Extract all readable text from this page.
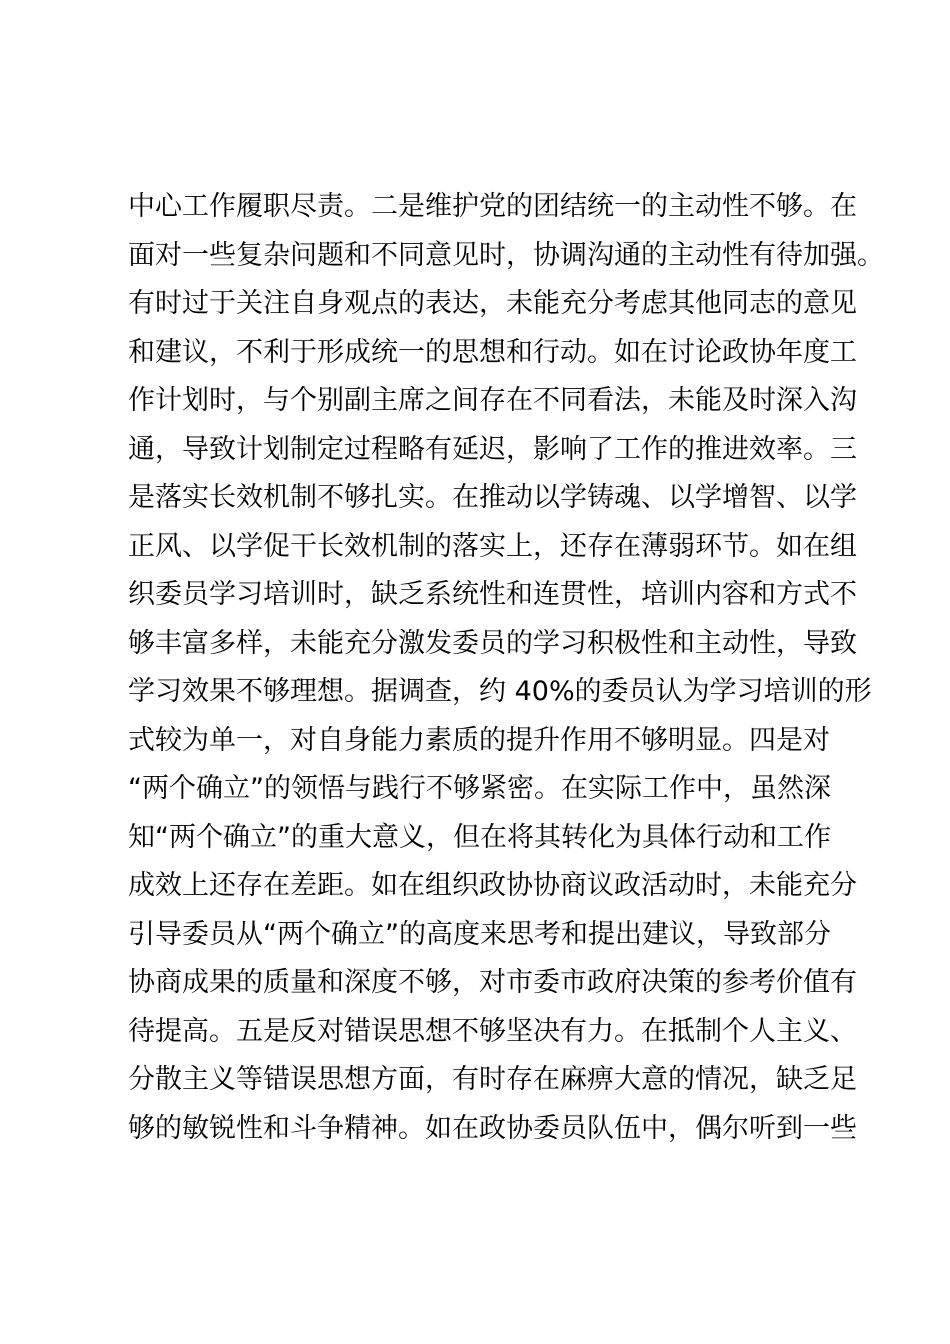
中心工作履职尽责。二是维护党的团结统一的主动性不够。在
面对一些复杂问题和不同意见时，协调沟通的主动性有待加强。
有时过于关注自身观点的表达，未能充分考虑其他同志的意见
和建议，不利于形成统一的思想和行动。如在讨论政协年度工
作计划时，与个别副主席之间存在不同看法，未能及时深入沟
通，导致计划制定过程略有延迟，影响了工作的推进效率。三
是落实长效机制不够扎实。在推动以学铸魂、以学增智、以学
正风、以学促干长效机制的落实上，还存在薄弱环节。如在组
织委员学习培训时，缺乏系统性和连贯性，培训内容和方式不
够丰富多样，未能充分激发委员的学习积极性和主动性，导致
学习效果不够理想。据调查，约 40%的委员认为学习培训的形
式较为单一，对自身能力素质的提升作用不够明显。四是对
“两个确立”的领悟与践行不够紧密。在实际工作中，虽然深
知“两个确立”的重大意义，但在将其转化为具体行动和工作
成效上还存在差距。如在组织政协协商议政活动时，未能充分
引导委员从“两个确立”的高度来思考和提出建议，导致部分
协商成果的质量和深度不够，对市委市政府决策的参考价值有
待提高。五是反对错误思想不够坚决有力。在抵制个人主义、
分散主义等错误思想方面，有时存在麻痹大意的情况，缺乏足
够的敏锐性和斗争精神。如在政协委员队伍中，偶尔听到一些
